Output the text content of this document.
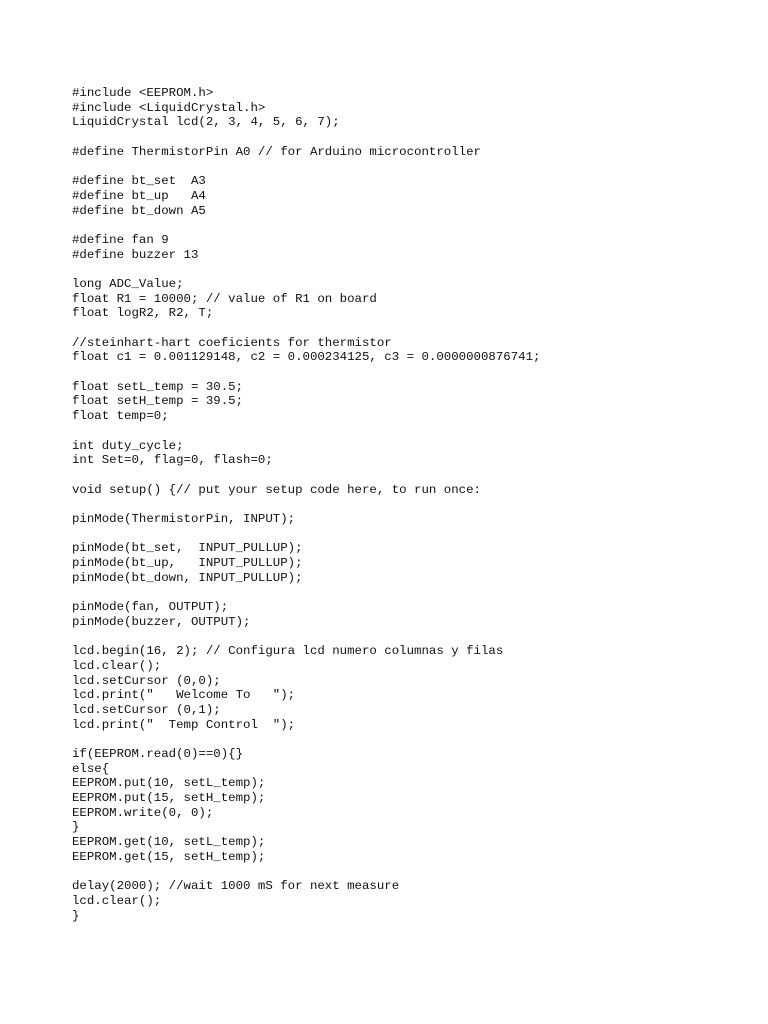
#include <EEPROM.h>
#include <LiquidCrystal.h>
LiquidCrystal lcd(2, 3, 4, 5, 6, 7);
#define ThermistorPin A0 // for Arduino microcontroller
#define bt_set  A3
#define bt_up   A4
#define bt_down A5
#define fan 9
#define buzzer 13
long ADC_Value;
float R1 = 10000; // value of R1 on board
float logR2, R2, T;
//steinhart-hart coeficients for thermistor
float c1 = 0.001129148, c2 = 0.000234125, c3 = 0.0000000876741;
float setL_temp = 30.5;
float setH_temp = 39.5;
float temp=0;
int duty_cycle;
int Set=0, flag=0, flash=0;
void setup() {// put your setup code here, to run once:
pinMode(ThermistorPin, INPUT);
pinMode(bt_set,  INPUT_PULLUP);
pinMode(bt_up,   INPUT_PULLUP);
pinMode(bt_down, INPUT_PULLUP);
pinMode(fan, OUTPUT);
pinMode(buzzer, OUTPUT);
lcd.begin(16, 2); // Configura lcd numero columnas y filas
lcd.clear();
lcd.setCursor (0,0);
lcd.print("   Welcome To   ");
lcd.setCursor (0,1);
lcd.print("  Temp Control  ");
if(EEPROM.read(0)==0){}
else{
EEPROM.put(10, setL_temp);
EEPROM.put(15, setH_temp);
EEPROM.write(0, 0);
}
EEPROM.get(10, setL_temp);
EEPROM.get(15, setH_temp);
delay(2000); //wait 1000 mS for next measure
lcd.clear();
}
